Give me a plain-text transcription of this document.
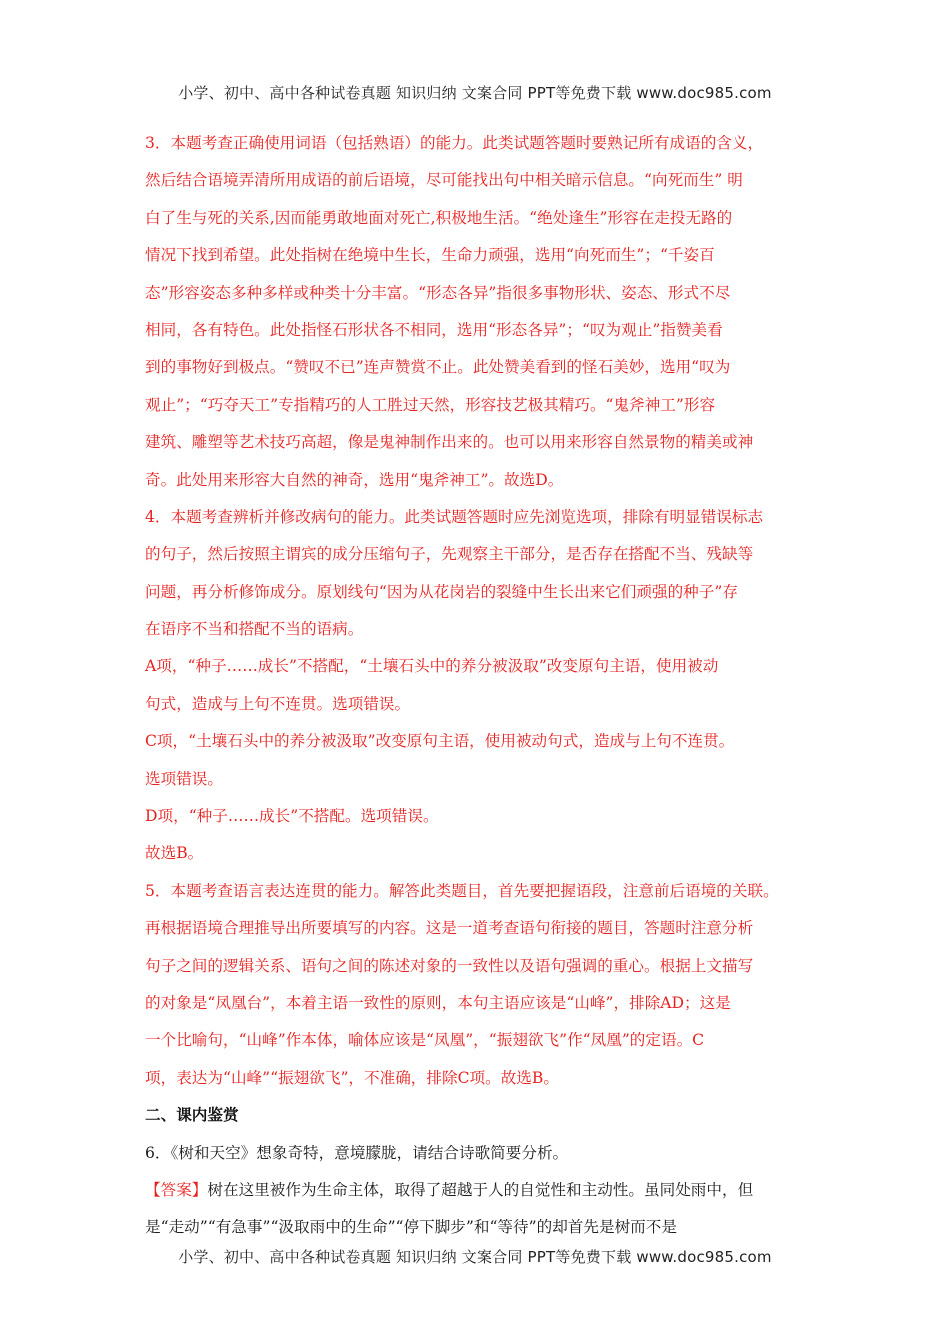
小学、初中、高中各种试卷真题 知识归纳 文案合同 PPT等免费下载 www.doc985.com
3．本题考查正确使用词语（包括熟语）的能力。此类试题答题时要熟记所有成语的含义，
然后结合语境弄清所用成语的前后语境，尽可能找出句中相关暗示信息。“向死而生” 明
白了生与死的关系,因而能勇敢地面对死亡,积极地生活。“绝处逢生”形容在走投无路的
情况下找到希望。此处指树在绝境中生长，生命力顽强，选用“向死而生”；“千姿百
态”形容姿态多种多样或种类十分丰富。“形态各异”指很多事物形状、姿态、形式不尽
相同，各有特色。此处指怪石形状各不相同，选用“形态各异”；“叹为观止”指赞美看
到的事物好到极点。“赞叹不已”连声赞赏不止。此处赞美看到的怪石美妙，选用“叹为
观止”；“巧夺天工”专指精巧的人工胜过天然，形容技艺极其精巧。“鬼斧神工”形容
建筑、雕塑等艺术技巧高超，像是鬼神制作出来的。也可以用来形容自然景物的精美或神
奇。此处用来形容大自然的神奇，选用“鬼斧神工”。故选D。
4．本题考查辨析并修改病句的能力。此类试题答题时应先浏览选项，排除有明显错误标志
的句子，然后按照主谓宾的成分压缩句子，先观察主干部分，是否存在搭配不当、残缺等
问题，再分析修饰成分。原划线句“因为从花岗岩的裂缝中生长出来它们顽强的种子”存
在语序不当和搭配不当的语病。
A项，“种子……成长”不搭配，“土壤石头中的养分被汲取”改变原句主语，使用被动
句式，造成与上句不连贯。选项错误。
C项，“土壤石头中的养分被汲取”改变原句主语，使用被动句式，造成与上句不连贯。
选项错误。
D项，“种子……成长”不搭配。选项错误。
故选B。
5．本题考查语言表达连贯的能力。解答此类题目，首先要把握语段，注意前后语境的关联。
再根据语境合理推导出所要填写的内容。这是一道考查语句衔接的题目，答题时注意分析
句子之间的逻辑关系、语句之间的陈述对象的一致性以及语句强调的重心。根据上文描写
的对象是“凤凰台”，本着主语一致性的原则，本句主语应该是“山峰”，排除AD；这是
一个比喻句，“山峰”作本体，喻体应该是“凤凰”，“振翅欲飞”作“凤凰”的定语。C
项，表达为“山峰”“振翅欲飞”，不准确，排除C项。故选B。
二、课内鉴赏
6．《树和天空》想象奇特，意境朦胧，请结合诗歌简要分析。
【答案】树在这里被作为生命主体，取得了超越于人的自觉性和主动性。虽同处雨中，但
是“走动”“有急事”“汲取雨中的生命”“停下脚步”和“等待”的却首先是树而不是
小学、初中、高中各种试卷真题 知识归纳 文案合同 PPT等免费下载 www.doc985.com
